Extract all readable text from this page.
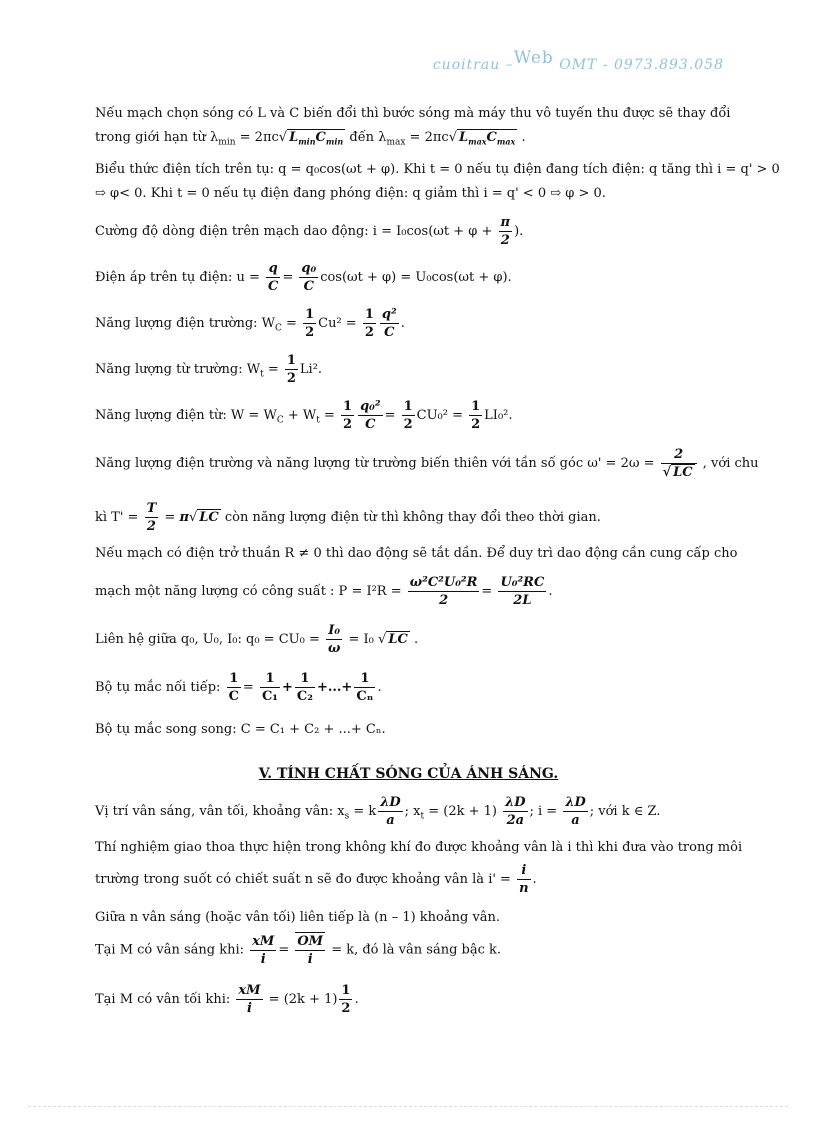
cuoitrau –Web OMT - 0973.893.058
Nếu mạch chọn sóng có L và C biến đổi thì bước sóng mà máy thu vô tuyến thu được sẽ thay đổi
trong giới hạn từ $\lambda_{min} = 2\pi c√$ $L_{min}C_{min}$ đến $\lambda_{max} = 2\pi c√$ $L_{max}C_{max}$ .
Biểu thức điện tích trên tụ: q = q₀cos(ωt + φ). Khi t = 0 nếu tụ điện đang tích điện: q tăng thì i = q' > 0
⇨ φ< 0. Khi t = 0 nếu tụ điện đang phóng điện: q giảm thì i = q' < 0 ⇨ φ > 0.
Cường độ dòng điện trên mạch dao động: $i = I_0\cos(\omega t + \varphi + \frac{\pi}{2}$ ).
Điện áp trên tụ điện: $u = \frac{q}{C} = \frac{\text{q₀}}{C} \cos(\omega t + \varphi) = U_0\cos(\omega t + \varphi)$.
Năng lượng điện trường: $W_C = \frac{1}{2} Cu^2 = \frac{1}{2} \frac{\text{q²}}{C}$ .
Năng lượng từ trường: $W_t = \frac{1}{2} Li^2$.
Năng lượng điện từ: $W = W_C + W_t = \frac{1}{2} \frac{\text{q₀²}}{C} = \frac{1}{2} CU_0^2 = \frac{1}{2} LI_0^2$.
Năng lượng điện trường và năng lượng từ trường biến thiên với tần số góc $\omega' = 2\omega = \frac{2}{√ LC}$ , với chu
kì $T' = \frac{T}{2} = \pi√$ LC còn năng lượng điện từ thì không thay đổi theo thời gian.
Nếu mạch có điện trở thuần R ≠ 0 thì dao động sẽ tắt dần. Để duy trì dao động cần cung cấp cho
mạch một năng lượng có công suất : $P = I^2R = \frac{\text{ω²C²U₀²R}}{2} = \frac{\text{U₀²RC}}{2L}$ .
Liên hệ giữa q₀, U₀, I₀: $q_0 = CU_0 = \frac{\text{I₀}}{\omega} = I_0$ √ LC .
Bộ tụ mắc nối tiếp: $\frac{1}{C} = \frac{1}{\text{C₁}} + \frac{1}{\text{C₂}}$ +...+ $\frac{1}{\text{Cₙ}}$ .
Bộ tụ mắc song song: C = C₁ + C₂ + ...+ Cₙ.
V. TÍNH CHẤT SÓNG CỦA ÁNH SÁNG.
Vị trí vân sáng, vân tối, khoảng vân: $x_s = k \frac{\lambda D}{a}$ ; $x_t = (2k + 1) \frac{\lambda D}{2a}$ ; $i = \frac{\lambda D}{a}$ ; với k ∈ Z.
Thí nghiệm giao thoa thực hiện trong không khí đo được khoảng vân là i thì khi đưa vào trong môi
trường trong suốt có chiết suất n sẽ đo được khoảng vân là $i' = \frac{i}{n}$ .
Giữa n vân sáng (hoặc vân tối) liên tiếp là (n – 1) khoảng vân.
Tại M có vân sáng khi: $\frac{xM}{i} = \frac{OM}{i} = k$, đó là vân sáng bậc k.
Tại M có vân tối khi: $\frac{xM}{i} = (2k + 1) \frac{1}{2}$ .
